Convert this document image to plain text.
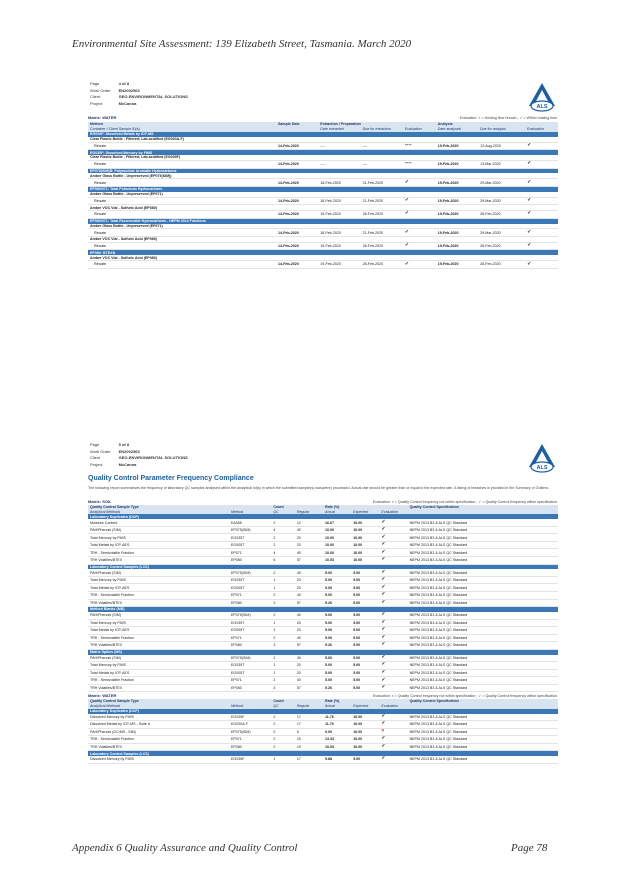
Environmental Site Assessment: 139 Elizabeth Street, Tasmania. March 2020
Page	4 of 8
Work Order	EN2002563
Client	GEO-ENVIRONMENTAL SOLUTIONS
Project	McCanna
ALS
Matrix: WATER	Evaluation: × = Holding time breach ; ✓ = Within holding time.
Method	Sample Date	Extraction / Preparation			Analysis		
Container / Client Sample ID(s)		Date extracted	Due for extraction	Evaluation	Date analysed	Due for analysis	Evaluation
EG020F: Dissolved Metals by ICP-MS							
Clear Plastic Bottle - Filtered; Lab-acidified (EG020A-F)							
Rinsate	14-Feb-2020	----	----	----	19-Feb-2020	12-Aug-2020	✓
EG035F: Dissolved Mercury by FIMS							
Clear Plastic Bottle - Filtered; Lab-acidified (EG035F)							
Rinsate	14-Feb-2020	----	----	----	19-Feb-2020	13-Mar-2020	✓
EP075(SIM)B: Polynuclear Aromatic Hydrocarbons							
Amber Glass Bottle - Unpreserved (EP075(SIM))							
Rinsate	14-Feb-2020	18-Feb-2020	21-Feb-2020	✓	19-Feb-2020	29-Mar-2020	✓
EP080/071: Total Petroleum Hydrocarbons							
Amber Glass Bottle - Unpreserved (EP071)							
Rinsate	14-Feb-2020	18-Feb-2020	21-Feb-2020	✓	19-Feb-2020	29-Mar-2020	✓
Amber VOC Vial - Sulfuric Acid (EP080)							
Rinsate	14-Feb-2020	19-Feb-2020	28-Feb-2020	✓	19-Feb-2020	28-Feb-2020	✓
EP080/071: Total Recoverable Hydrocarbons - NEPM 2013 Fractions							
Amber Glass Bottle - Unpreserved (EP071)							
Rinsate	14-Feb-2020	18-Feb-2020	21-Feb-2020	✓	19-Feb-2020	29-Mar-2020	✓
Amber VOC Vial - Sulfuric Acid (EP080)							
Rinsate	14-Feb-2020	19-Feb-2020	28-Feb-2020	✓	19-Feb-2020	28-Feb-2020	✓
EP080: BTEXN							
Amber VOC Vial - Sulfuric Acid (EP080)							
Rinsate	14-Feb-2020	19-Feb-2020	28-Feb-2020	✓	19-Feb-2020	28-Feb-2020	✓
Page	5 of 8
Work Order	EN2002563
Client	GEO-ENVIRONMENTAL SOLUTIONS
Project	McCanna
ALS
Quality Control Parameter Frequency Compliance
The following report summarises the frequency of laboratory QC samples analysed within the analytical lot(s) in which the submitted sample(s) was(were) processed. Actual rate should be greater than or equal to the expected rate. A listing of breaches is provided in the Summary of Outliers.
Matrix: SOIL	Evaluation: × = Quality Control frequency not within specification ; ✓ = Quality Control frequency within specification.
Quality Control Sample Type		Count		Rate (%)			Quality Control Specification
Analytical Methods	Method	QC	Regular	Actual	Expected	Evaluation	
Laboratory Duplicates (DUP)							
Moisture Content	EA055	2	12	16.67	10.00	✓	NEPM 2013 B3 & ALS QC Standard
PAH/Phenols (SIM)	EP075(SIM)	4	40	10.00	10.00	✓	NEPM 2013 B3 & ALS QC Standard
Total Mercury by FIMS	EG035T	2	20	10.00	10.00	✓	NEPM 2013 B3 & ALS QC Standard
Total Metals by ICP-AES	EG005T	2	20	10.00	10.00	✓	NEPM 2013 B3 & ALS QC Standard
TRH - Semivolatile Fraction	EP071	4	40	10.00	10.00	✓	NEPM 2013 B3 & ALS QC Standard
TRH Volatiles/BTEX	EP080	6	57	10.53	10.00	✓	NEPM 2013 B3 & ALS QC Standard
Laboratory Control Samples (LCS)							
PAH/Phenols (SIM)	EP075(SIM)	2	40	5.00	5.00	✓	NEPM 2013 B3 & ALS QC Standard
Total Mercury by FIMS	EG035T	1	20	5.00	5.00	✓	NEPM 2013 B3 & ALS QC Standard
Total Metals by ICP-AES	EG005T	1	20	5.00	5.00	✓	NEPM 2013 B3 & ALS QC Standard
TRH - Semivolatile Fraction	EP071	2	40	5.00	5.00	✓	NEPM 2013 B3 & ALS QC Standard
TRH Volatiles/BTEX	EP080	3	57	5.26	5.00	✓	NEPM 2013 B3 & ALS QC Standard
Method Blanks (MB)							
PAH/Phenols (SIM)	EP075(SIM)	2	40	5.00	5.00	✓	NEPM 2013 B3 & ALS QC Standard
Total Mercury by FIMS	EG035T	1	20	5.00	5.00	✓	NEPM 2013 B3 & ALS QC Standard
Total Metals by ICP-AES	EG005T	1	20	5.00	5.00	✓	NEPM 2013 B3 & ALS QC Standard
TRH - Semivolatile Fraction	EP071	2	40	5.00	5.00	✓	NEPM 2013 B3 & ALS QC Standard
TRH Volatiles/BTEX	EP080	3	57	5.26	5.00	✓	NEPM 2013 B3 & ALS QC Standard
Matrix Spikes (MS)							
PAH/Phenols (SIM)	EP075(SIM)	2	40	5.00	5.00	✓	NEPM 2013 B3 & ALS QC Standard
Total Mercury by FIMS	EG035T	1	20	5.00	5.00	✓	NEPM 2013 B3 & ALS QC Standard
Total Metals by ICP-AES	EG005T	1	20	5.00	5.00	✓	NEPM 2013 B3 & ALS QC Standard
TRH - Semivolatile Fraction	EP071	2	40	5.00	5.00	✓	NEPM 2013 B3 & ALS QC Standard
TRH Volatiles/BTEX	EP080	3	57	5.26	5.00	✓	NEPM 2013 B3 & ALS QC Standard
Matrix: WATER	Evaluation: × = Quality Control frequency not within specification ; ✓ = Quality Control frequency within specification.
Quality Control Sample Type		Count		Rate (%)			Quality Control Specification
Analytical Methods	Method	QC	Regular	Actual	Expected	Evaluation	
Laboratory Duplicates (DUP)							
Dissolved Mercury by FIMS	EG035F	2	17	11.76	10.00	✓	NEPM 2013 B3 & ALS QC Standard
Dissolved Metals by ICP-MS - Suite A	EG020A-F	2	17	11.76	10.00	✓	NEPM 2013 B3 & ALS QC Standard
PAH/Phenols (GC/MS - SIM)	EP075(SIM)	0	6	0.00	10.00	×	NEPM 2013 B3 & ALS QC Standard
TRH - Semivolatile Fraction	EP071	2	15	13.33	10.00	✓	NEPM 2013 B3 & ALS QC Standard
TRH Volatiles/BTEX	EP080	2	19	10.53	10.00	✓	NEPM 2013 B3 & ALS QC Standard
Laboratory Control Samples (LCS)							
Dissolved Mercury by FIMS	EG035F	1	17	5.88	5.00	✓	NEPM 2013 B3 & ALS QC Standard
Appendix 6 Quality Assurance and Quality Control	Page 78
